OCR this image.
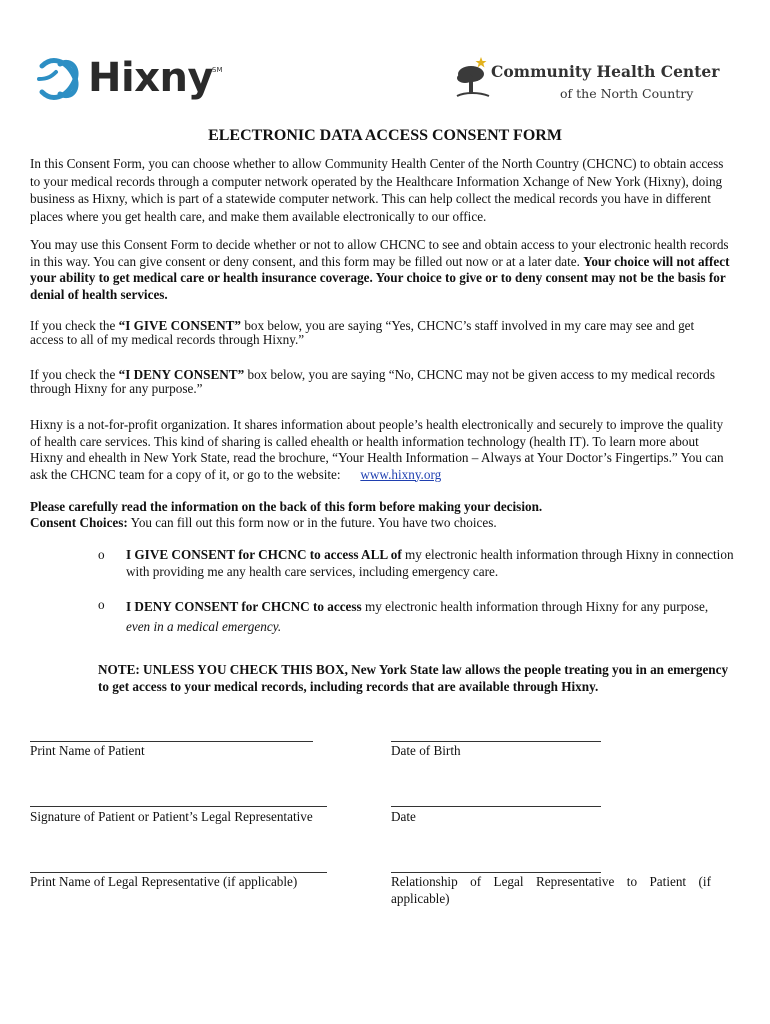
Hixny
SM	Community Health Center
of the North Country
ELECTRONIC DATA ACCESS CONSENT FORM

In this Consent Form, you can choose whether to allow Community Health Center of the North Country (CHCNC) to obtain access to your medical records through a computer network operated by the Healthcare Information Xchange of New York (Hixny), doing business as Hixny, which is part of a statewide computer network. This can help collect the medical records you have in different places where you get health care, and make them available electronically to our office.

You may use this Consent Form to decide whether or not to allow CHCNC to see and obtain access to your electronic health records in this way. You can give consent or deny consent, and this form may be filled out now or at a later date. Your choice will not affect your ability to get medical care or health insurance coverage. Your choice to give or to deny consent may not be the basis for denial of health services.

If you check the “I GIVE CONSENT” box below, you are saying “Yes, CHCNC’s staff involved in my care may see and get access to all of my medical records through Hixny.”

If you check the “I DENY CONSENT” box below, you are saying “No, CHCNC may not be given access to my medical records through Hixny for any purpose.”

Hixny is a not-for-profit organization. It shares information about people’s health electronically and securely to improve the quality of health care services. This kind of sharing is called ehealth or health information technology (health IT). To learn more about Hixny and ehealth in New York State, read the brochure, “Your Health Information – Always at Your Doctor’s Fingertips.” You can ask the CHCNC team for a copy of it, or go to the website: www.hixny.org

Please carefully read the information on the back of this form before making your decision.

Consent Choices: You can fill out this form now or in the future. You have two choices.

o I GIVE CONSENT for CHCNC to access ALL of my electronic health information through Hixny in connection with providing me any health care services, including emergency care.

o I DENY CONSENT for CHCNC to access my electronic health information through Hixny for any purpose,
even in a medical emergency.

NOTE: UNLESS YOU CHECK THIS BOX, New York State law allows the people treating you in an emergency to get access to your medical records, including records that are available through Hixny.

Print Name of Patient	Date of Birth
Signature of Patient or Patient’s Legal Representative	Date
Print Name of Legal Representative (if applicable)	Relationship of Legal Representative to Patient (if applicable)
